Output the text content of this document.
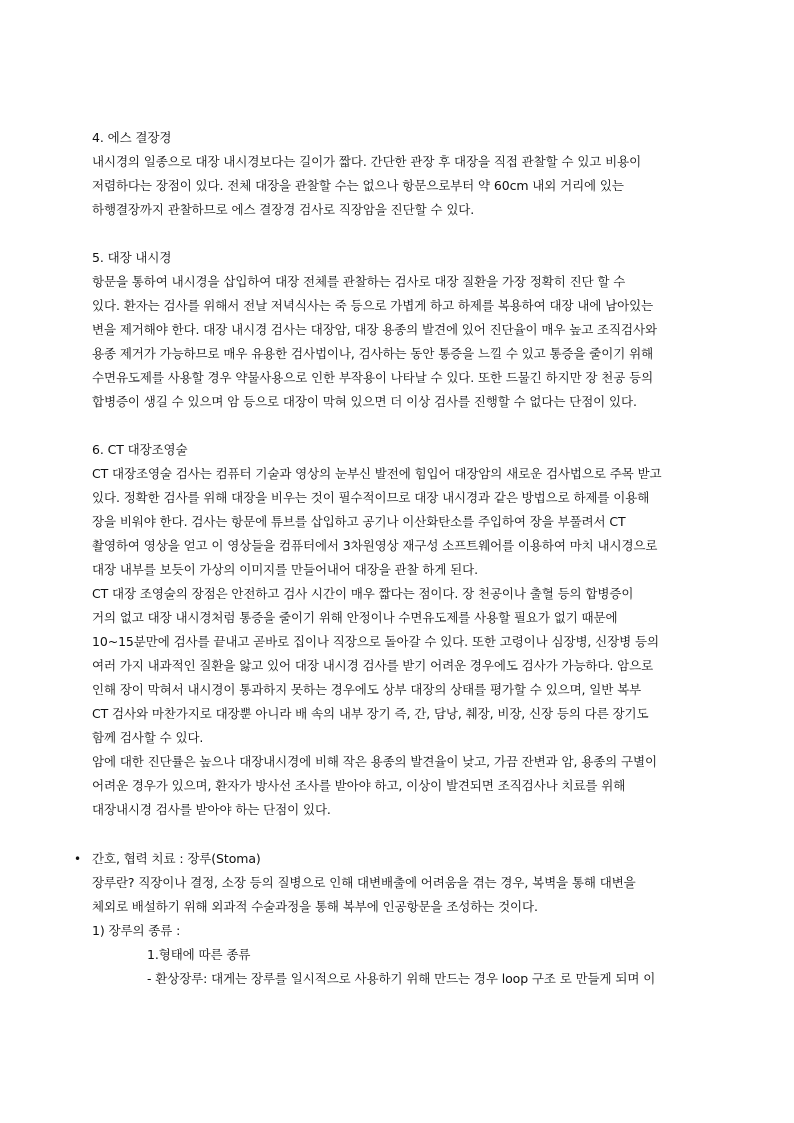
4. 에스 결장경
내시경의 일종으로 대장 내시경보다는 길이가 짧다. 간단한 관장 후 대장을 직접 관찰할 수 있고 비용이
저렴하다는 장점이 있다. 전체 대장을 관찰할 수는 없으나 항문으로부터 약 60cm 내외 거리에 있는
하행결장까지 관찰하므로 에스 결장경 검사로 직장암을 진단할 수 있다.
5. 대장 내시경
항문을 통하여 내시경을 삽입하여 대장 전체를 관찰하는 검사로 대장 질환을 가장 정확히 진단 할 수
있다. 환자는 검사를 위해서 전날 저녁식사는 죽 등으로 가볍게 하고 하제를 복용하여 대장 내에 남아있는
변을 제거해야 한다. 대장 내시경 검사는 대장암, 대장 용종의 발견에 있어 진단율이 매우 높고 조직검사와
용종 제거가 가능하므로 매우 유용한 검사법이나, 검사하는 동안 통증을 느낄 수 있고 통증을 줄이기 위해
수면유도제를 사용할 경우 약물사용으로 인한 부작용이 나타날 수 있다. 또한 드물긴 하지만 장 천공 등의
합병증이 생길 수 있으며 암 등으로 대장이 막혀 있으면 더 이상 검사를 진행할 수 없다는 단점이 있다.
6. CT 대장조영술
CT 대장조영술 검사는 컴퓨터 기술과 영상의 눈부신 발전에 힘입어 대장암의 새로운 검사법으로 주목 받고
있다. 정확한 검사를 위해 대장을 비우는 것이 필수적이므로 대장 내시경과 같은 방법으로 하제를 이용해
장을 비워야 한다. 검사는 항문에 튜브를 삽입하고 공기나 이산화탄소를 주입하여 장을 부풀려서 CT
촬영하여 영상을 얻고 이 영상들을 컴퓨터에서 3차원영상 재구성 소프트웨어를 이용하여 마치 내시경으로
대장 내부를 보듯이 가상의 이미지를 만들어내어 대장을 관찰 하게 된다.
CT 대장 조영술의 장점은 안전하고 검사 시간이 매우 짧다는 점이다. 장 천공이나 출혈 등의 합병증이
거의 없고 대장 내시경처럼 통증을 줄이기 위해 안정이나 수면유도제를 사용할 필요가 없기 때문에
10~15분만에 검사를 끝내고 곧바로 집이나 직장으로 돌아갈 수 있다. 또한 고령이나 심장병, 신장병 등의
여러 가지 내과적인 질환을 앓고 있어 대장 내시경 검사를 받기 어려운 경우에도 검사가 가능하다. 암으로
인해 장이 막혀서 내시경이 통과하지 못하는 경우에도 상부 대장의 상태를 평가할 수 있으며, 일반 복부
CT 검사와 마찬가지로 대장뿐 아니라 배 속의 내부 장기 즉, 간, 담낭, 췌장, 비장, 신장 등의 다른 장기도
함께 검사할 수 있다.
암에 대한 진단률은 높으나 대장내시경에 비해 작은 용종의 발견율이 낮고, 가끔 잔변과 암, 용종의 구별이
어려운 경우가 있으며, 환자가 방사선 조사를 받아야 하고, 이상이 발견되면 조직검사나 치료를 위해
대장내시경 검사를 받아야 하는 단점이 있다.
• 간호, 협력 치료 : 장루(Stoma)
장루란? 직장이나 결정, 소장 등의 질병으로 인해 대변배출에 어려움을 겪는 경우, 복벽을 통해 대변을
체외로 배설하기 위해 외과적 수술과정을 통해 복부에 인공항문을 조성하는 것이다.
1) 장루의 종류 :
1.형태에 따른 종류
- 환상장루: 대게는 장루를 일시적으로 사용하기 위해 만드는 경우 loop 구조 로 만들게 되며 이
